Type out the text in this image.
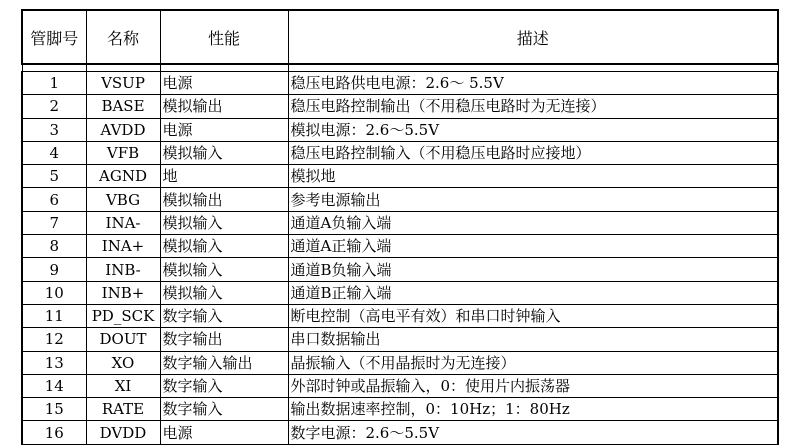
管脚号	名称	性能	描述

1	VSUP	电源	稳压电路供电电源：2.6～ 5.5V
2	BASE	模拟输出	稳压电路控制输出（不用稳压电路时为无连接）
3	AVDD	电源	模拟电源：2.6～5.5V
4	VFB	模拟输入	稳压电路控制输入（不用稳压电路时应接地）
5	AGND	地	模拟地
6	VBG	模拟输出	参考电源输出
7	INA-	模拟输入	通道A负输入端
8	INA+	模拟输入	通道A正输入端
9	INB-	模拟输入	通道B负输入端
10	INB+	模拟输入	通道B正输入端
11	PD_SCK	数字输入	断电控制（高电平有效）和串口时钟输入
12	DOUT	数字输出	串口数据输出
13	XO	数字输入输出	晶振输入（不用晶振时为无连接）
14	XI	数字输入	外部时钟或晶振输入，0：使用片内振荡器
15	RATE	数字输入	输出数据速率控制，0：10Hz；1：80Hz
16	DVDD	电源	数字电源：2.6～5.5V
